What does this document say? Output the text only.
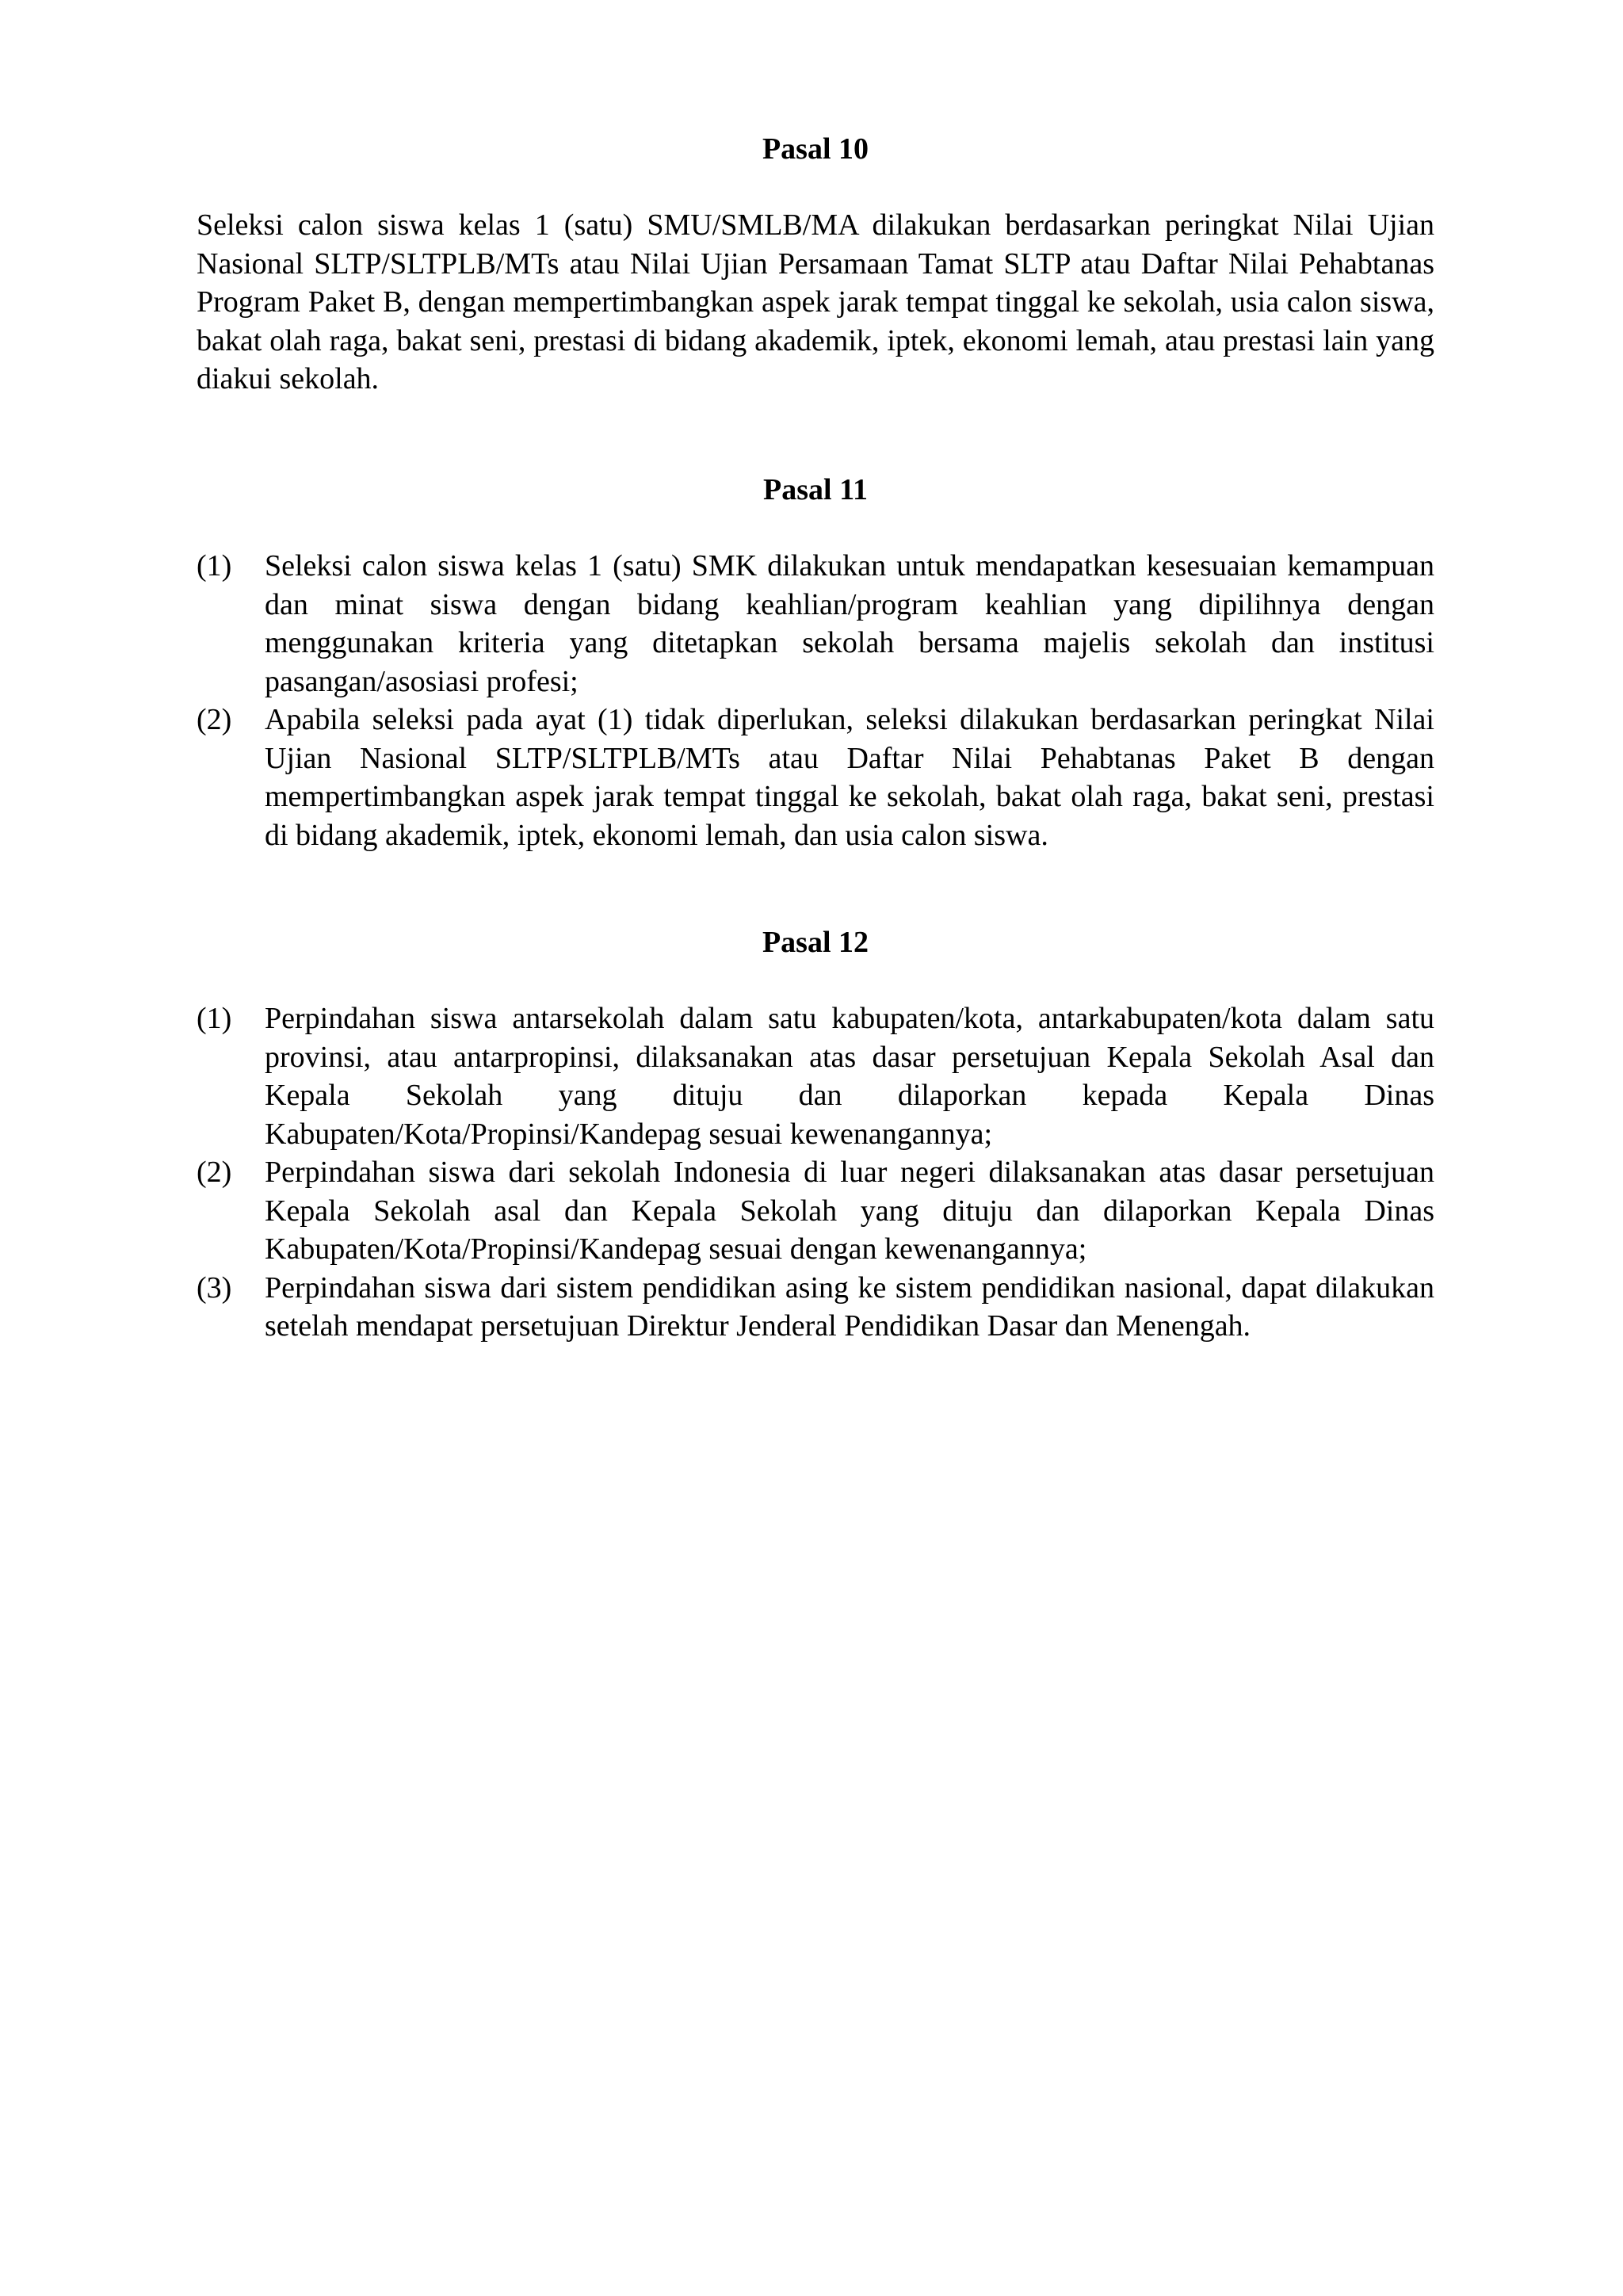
Pasal 10

Seleksi calon siswa kelas 1 (satu) SMU/SMLB/MA dilakukan berdasarkan peringkat Nilai Ujian Nasional SLTP/SLTPLB/MTs atau Nilai Ujian Persamaan Tamat SLTP atau Daftar Nilai Pehabtanas Program Paket B, dengan mempertimbangkan aspek jarak tempat tinggal ke sekolah, usia calon siswa, bakat olah raga, bakat seni, prestasi di bidang akademik, iptek, ekonomi lemah, atau prestasi lain yang diakui sekolah.

Pasal 11
(1)	Seleksi calon siswa kelas 1 (satu) SMK dilakukan untuk mendapatkan kesesuaian kemampuan dan minat siswa dengan bidang keahlian/program keahlian yang dipilihnya dengan menggunakan kriteria yang ditetapkan sekolah bersama majelis sekolah dan institusi pasangan/asosiasi profesi;
(2)	Apabila seleksi pada ayat (1) tidak diperlukan, seleksi dilakukan berdasarkan peringkat Nilai Ujian Nasional SLTP/SLTPLB/MTs atau Daftar Nilai Pehabtanas Paket B dengan mempertimbangkan aspek jarak tempat tinggal ke sekolah, bakat olah raga, bakat seni, prestasi di bidang akademik, iptek, ekonomi lemah, dan usia calon siswa.
Pasal 12
(1)	Perpindahan siswa antarsekolah dalam satu kabupaten/kota, antarkabupaten/kota dalam satu provinsi, atau antarpropinsi, dilaksanakan atas dasar persetujuan Kepala Sekolah Asal dan Kepala Sekolah yang dituju dan dilaporkan kepada Kepala Dinas Kabupaten/Kota/Propinsi/Kandepag sesuai kewenangannya;
(2)	Perpindahan siswa dari sekolah Indonesia di luar negeri dilaksanakan atas dasar persetujuan Kepala Sekolah asal dan Kepala Sekolah yang dituju dan dilaporkan Kepala Dinas Kabupaten/Kota/Propinsi/Kandepag sesuai dengan kewenangannya;
(3)	Perpindahan siswa dari sistem pendidikan asing ke sistem pendidikan nasional, dapat dilakukan setelah mendapat persetujuan Direktur Jenderal Pendidikan Dasar dan Menengah.
